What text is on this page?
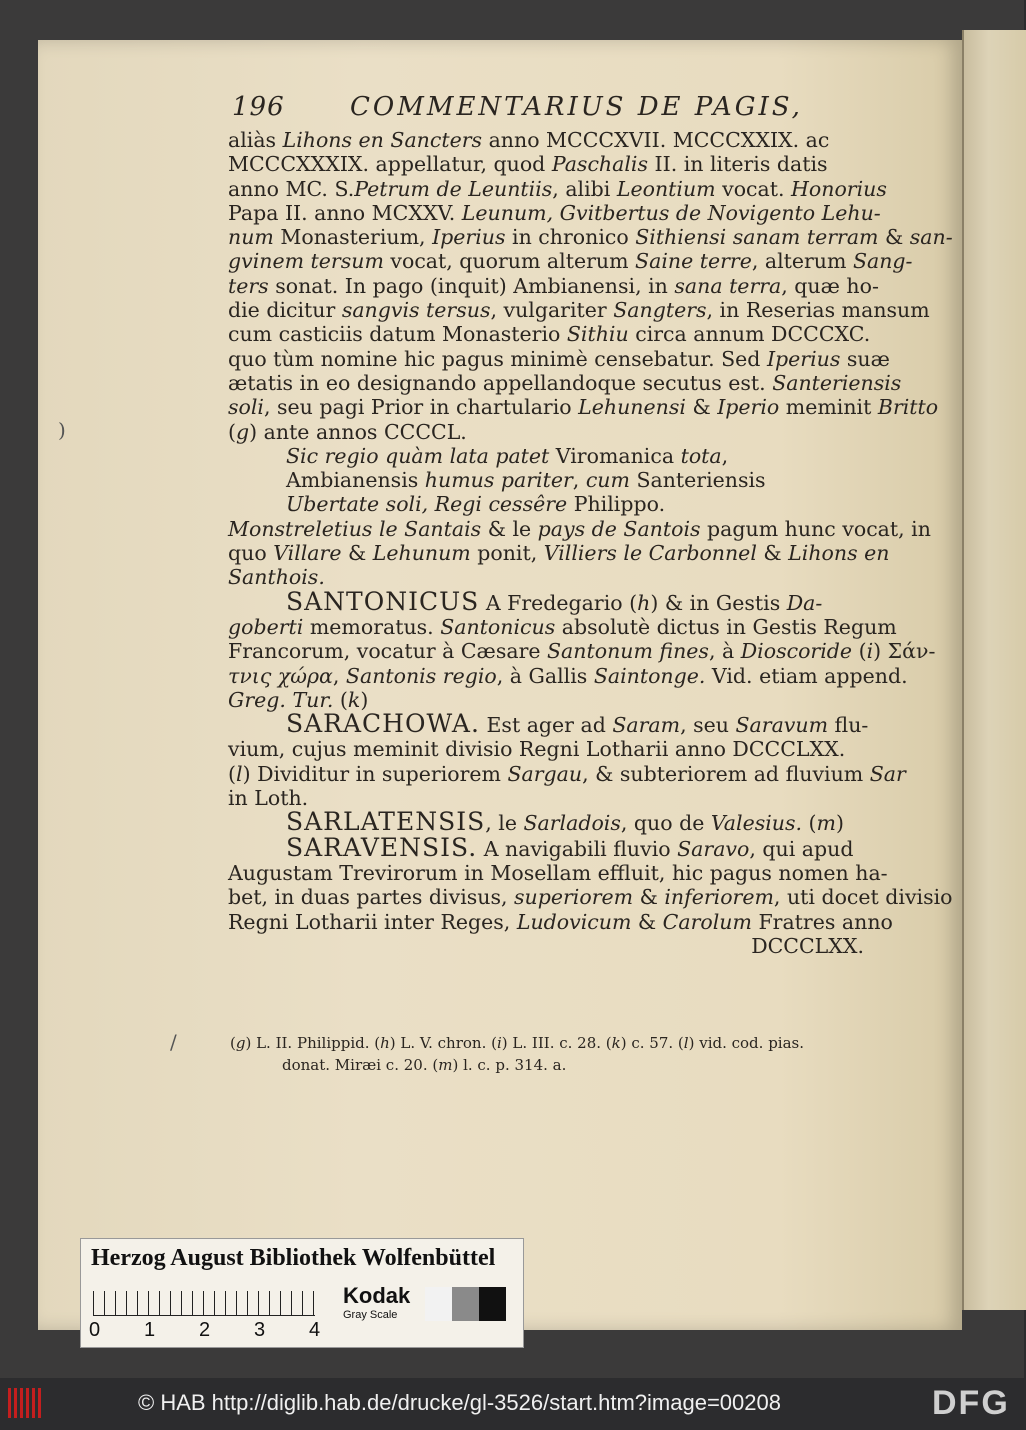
196	COMMENTARIUS DE PAGIS,
aliàs Lihons en Sancters anno MCCCXVII. MCCCXXIX. ac
MCCCXXXIX. appellatur, quod Paschalis II. in literis datis
anno MC. S.Petrum de Leuntiis, alibi Leontium vocat. Honorius
Papa II. anno MCXXV. Leunum, Gvitbertus de Novigento Lehu-
num Monasterium, Iperius in chronico Sithiensi sanam terram & san-
gvinem tersum vocat, quorum alterum Saine terre, alterum Sang-
ters sonat. In pago (inquit) Ambianensi, in sana terra, quæ ho-
die dicitur sangvis tersus, vulgariter Sangters, in Reserias mansum
cum casticiis datum Monasterio Sithiu circa annum DCCCXC.
quo tùm nomine hic pagus minimè censebatur. Sed Iperius suæ
ætatis in eo designando appellandoque secutus est. Santeriensis
soli, seu pagi Prior in chartulario Lehunensi & Iperio meminit Britto
(g) ante annos CCCCL.
Sic regio quàm lata patet Viromanica tota,
Ambianensis humus pariter, cum Santeriensis
Ubertate soli, Regi cessêre Philippo.
Monstreletius le Santais & le pays de Santois pagum hunc vocat, in
quo Villare & Lehunum ponit, Villiers le Carbonnel & Lihons en
Santhois.
SANTONICUS A Fredegario (h) & in Gestis Da-
goberti memoratus. Santonicus absolutè dictus in Gestis Regum
Francorum, vocatur à Cæsare Santonum fines, à Dioscoride (i) Σάν-
τνις χώρα, Santonis regio, à Gallis Saintonge. Vid. etiam append.
Greg. Tur. (k)
SARACHOWA. Est ager ad Saram, seu Saravum flu-
vium, cujus meminit divisio Regni Lotharii anno DCCCLXX.
(l) Dividitur in superiorem Sargau, & subteriorem ad fluvium Sar
in Loth.
SARLATENSIS, le Sarladois, quo de Valesius. (m)
SARAVENSIS. A navigabili fluvio Saravo, qui apud
Augustam Trevirorum in Mosellam effluit, hic pagus nomen ha-
bet, in duas partes divisus, superiorem & inferiorem, uti docet divisio
Regni Lotharii inter Reges, Ludovicum & Carolum Fratres anno
DCCCLXX.
(g) L. II. Philippid. (h) L. V. chron. (i) L. III. c. 28. (k) c. 57. (l) vid. cod. pias.
donat. Miræi c. 20. (m) l. c. p. 314. a.
)
/
Herzog August Bibliothek Wolfenbüttel
0 1 2 3 4
Kodak
Gray Scale
© HAB http://diglib.hab.de/drucke/gl-3526/start.htm?image=00208	DFG
